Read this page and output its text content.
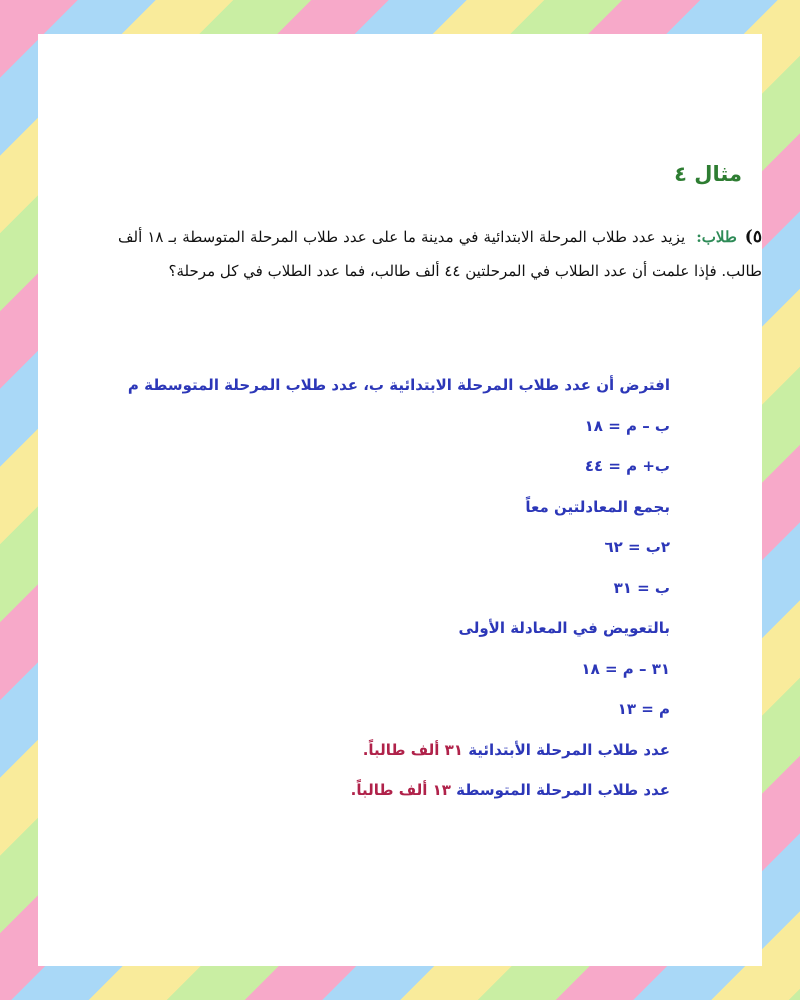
مثال ٤
٥)طلاب: يزيد عدد طلاب المرحلة الابتدائية في مدينة ما على عدد طلاب المرحلة المتوسطة بـ ١٨ ألف طالب. فإذا علمت أن عدد الطلاب في المرحلتين ٤٤ ألف طالب، فما عدد الطلاب في كل مرحلة؟
افترض أن عدد طلاب المرحلة الابتدائية ب، عدد طلاب المرحلة المتوسطة م
ب – م = ١٨
ب+ م = ٤٤
بجمع المعادلتين معاً
٢ب = ٦٢
ب = ٣١
بالتعويض في المعادلة الأولى
٣١ – م = ١٨
م = ١٣
عدد طلاب المرحلة الأبتدائية ٣١ ألف طالباً.
عدد طلاب المرحلة المتوسطة ١٣ ألف طالباً.
